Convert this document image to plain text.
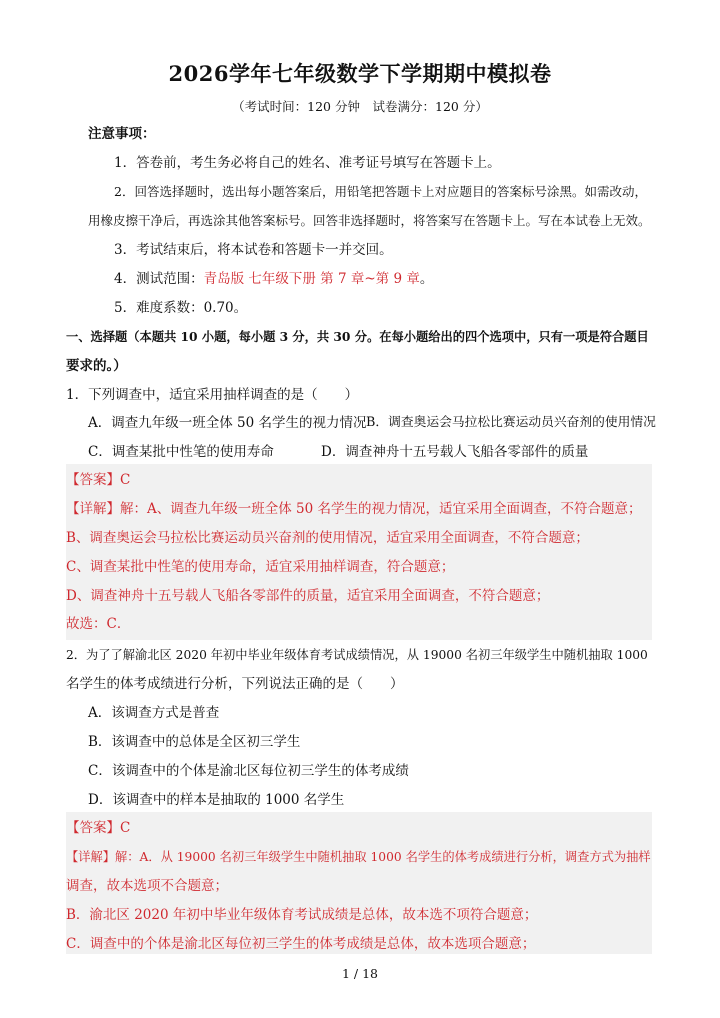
2026学年七年级数学下学期期中模拟卷
（考试时间：120 分钟　试卷满分：120 分）
注意事项：
1．答卷前，考生务必将自己的姓名、准考证号填写在答题卡上。
2．回答选择题时，选出每小题答案后，用铅笔把答题卡上对应题目的答案标号涂黑。如需改动，
用橡皮擦干净后，再选涂其他答案标号。回答非选择题时，将答案写在答题卡上。写在本试卷上无效。
3．考试结束后，将本试卷和答题卡一并交回。
4．测试范围：青岛版 七年级下册 第 7 章~第 9 章。
5．难度系数：0.70。
一、选择题（本题共 10 小题，每小题 3 分，共 30 分。在每小题给出的四个选项中，只有一项是符合题目
要求的。）
1．下列调查中，适宜采用抽样调查的是（　　）
A．调查九年级一班全体 50 名学生的视力情况 B．调查奥运会马拉松比赛运动员兴奋剂的使用情况
C．调查某批中性笔的使用寿命	D．调查神舟十五号载人飞船各零部件的质量
【答案】C
【详解】解：A、调查九年级一班全体 50 名学生的视力情况，适宜采用全面调查，不符合题意；
B、调查奥运会马拉松比赛运动员兴奋剂的使用情况，适宜采用全面调查，不符合题意；
C、调查某批中性笔的使用寿命，适宜采用抽样调查，符合题意；
D、调查神舟十五号载人飞船各零部件的质量，适宜采用全面调查，不符合题意；
故选：C．
2．为了了解渝北区 2020 年初中毕业年级体育考试成绩情况，从 19000 名初三年级学生中随机抽取 1000
名学生的体考成绩进行分析，下列说法正确的是（　　）
A．该调查方式是普查
B．该调查中的总体是全区初三学生
C．该调查中的个体是渝北区每位初三学生的体考成绩
D．该调查中的样本是抽取的 1000 名学生
【答案】C
【详解】解：A．从 19000 名初三年级学生中随机抽取 1000 名学生的体考成绩进行分析，调查方式为抽样
调查，故本选项不合题意；
B．渝北区 2020 年初中毕业年级体育考试成绩是总体，故本选不项符合题意；
C．调查中的个体是渝北区每位初三学生的体考成绩是总体，故本选项合题意；
1 / 18
